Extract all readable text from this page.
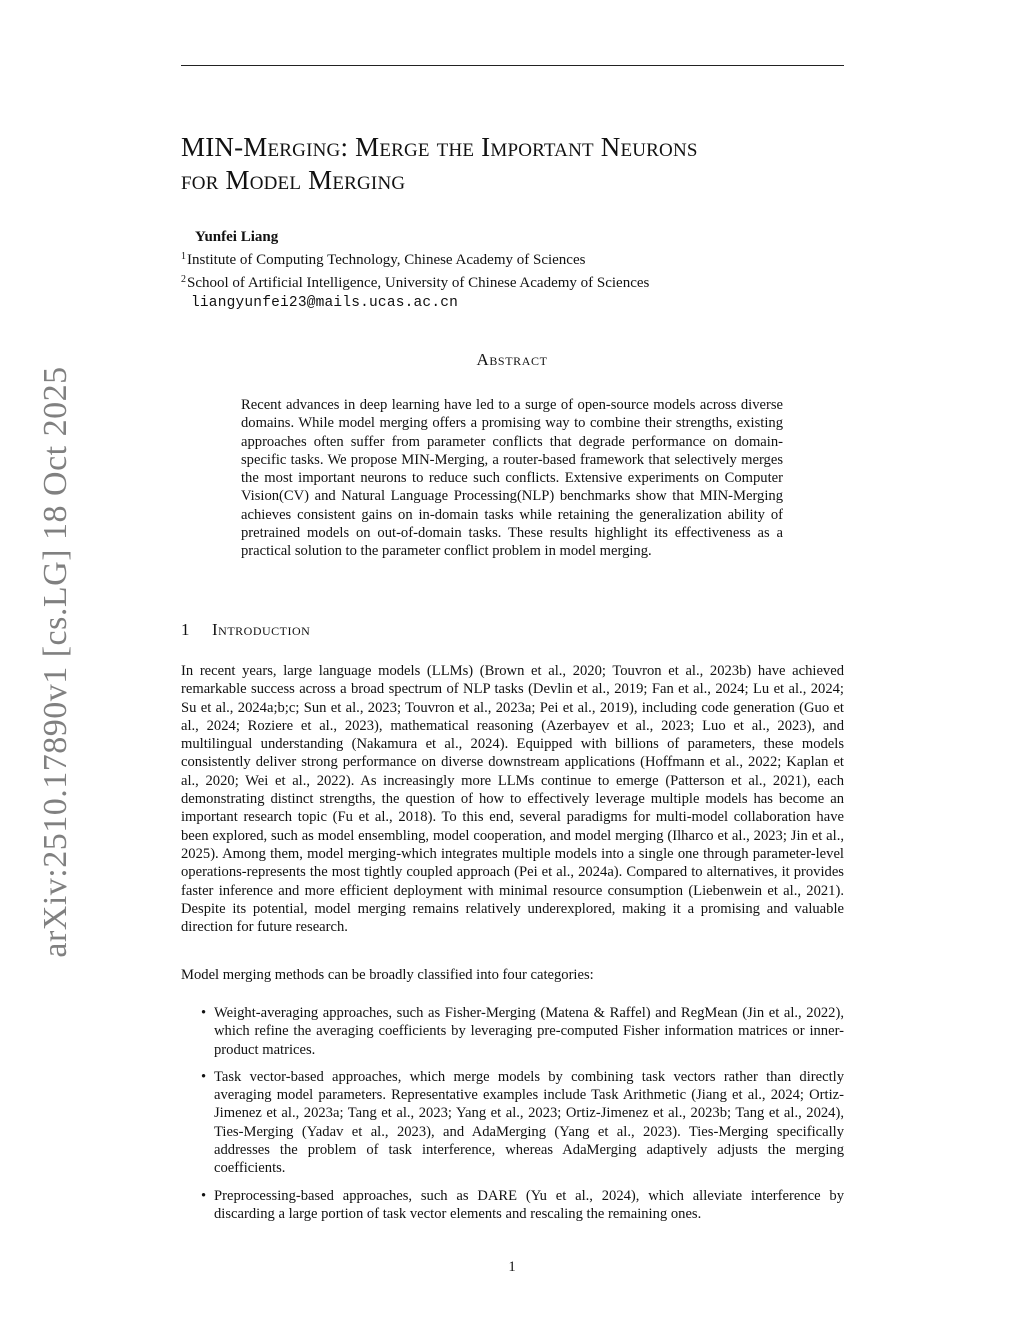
MIN-Merging: Merge the Important Neurons
for Model Merging
Yunfei Liang
$^1$Institute of Computing Technology, Chinese Academy of Sciences
$^2$School of Artificial Intelligence, University of Chinese Academy of Sciences
liangyunfei23@mails.ucas.ac.cn
Abstract
Recent advances in deep learning have led to a surge of open-source models across diverse domains. While model merging offers a promising way to combine their strengths, existing approaches often suffer from parameter conflicts that degrade performance on domain-specific tasks. We propose MIN-Merging, a router-based framework that selectively merges the most important neurons to reduce such conflicts. Extensive experiments on Computer Vision(CV) and Natural Language Processing(NLP) benchmarks show that MIN-Merging achieves consistent gains on in-domain tasks while retaining the generalization ability of pretrained models on out-of-domain tasks. These results highlight its effectiveness as a practical solution to the parameter conflict problem in model merging.
1 Introduction

In recent years, large language models (LLMs) (Brown et al., 2020; Touvron et al., 2023b) have achieved remarkable success across a broad spectrum of NLP tasks (Devlin et al., 2019; Fan et al., 2024; Lu et al., 2024; Su et al., 2024a;b;c; Sun et al., 2023; Touvron et al., 2023a; Pei et al., 2019), including code generation (Guo et al., 2024; Roziere et al., 2023), mathematical reasoning (Azerbayev et al., 2023; Luo et al., 2023), and multilingual understanding (Nakamura et al., 2024). Equipped with billions of parameters, these models consistently deliver strong performance on diverse downstream applications (Hoffmann et al., 2022; Kaplan et al., 2020; Wei et al., 2022). As increasingly more LLMs continue to emerge (Patterson et al., 2021), each demonstrating distinct strengths, the question of how to effectively leverage multiple models has become an important research topic (Fu et al., 2018). To this end, several paradigms for multi-model collaboration have been explored, such as model ensembling, model cooperation, and model merging (Ilharco et al., 2023; Jin et al., 2025). Among them, model merging-which integrates multiple models into a single one through parameter-level operations-represents the most tightly coupled approach (Pei et al., 2024a). Compared to alternatives, it provides faster inference and more efficient deployment with minimal resource consumption (Liebenwein et al., 2021). Despite its potential, model merging remains relatively underexplored, making it a promising and valuable direction for future research.

Model merging methods can be broadly classified into four categories:

• Weight-averaging approaches, such as Fisher-Merging (Matena & Raffel) and RegMean (Jin et al., 2022), which refine the averaging coefficients by leveraging pre-computed Fisher information matrices or inner-product matrices.
• Task vector-based approaches, which merge models by combining task vectors rather than directly averaging model parameters. Representative examples include Task Arithmetic (Jiang et al., 2024; Ortiz-Jimenez et al., 2023a; Tang et al., 2023; Yang et al., 2023; Ortiz-Jimenez et al., 2023b; Tang et al., 2024), Ties-Merging (Yadav et al., 2023), and AdaMerging (Yang et al., 2023). Ties-Merging specifically addresses the problem of task interference, whereas AdaMerging adaptively adjusts the merging coefficients.
• Preprocessing-based approaches, such as DARE (Yu et al., 2024), which alleviate interference by discarding a large portion of task vector elements and rescaling the remaining ones.
1
arXiv:2510.17890v1 [cs.LG] 18 Oct 2025
